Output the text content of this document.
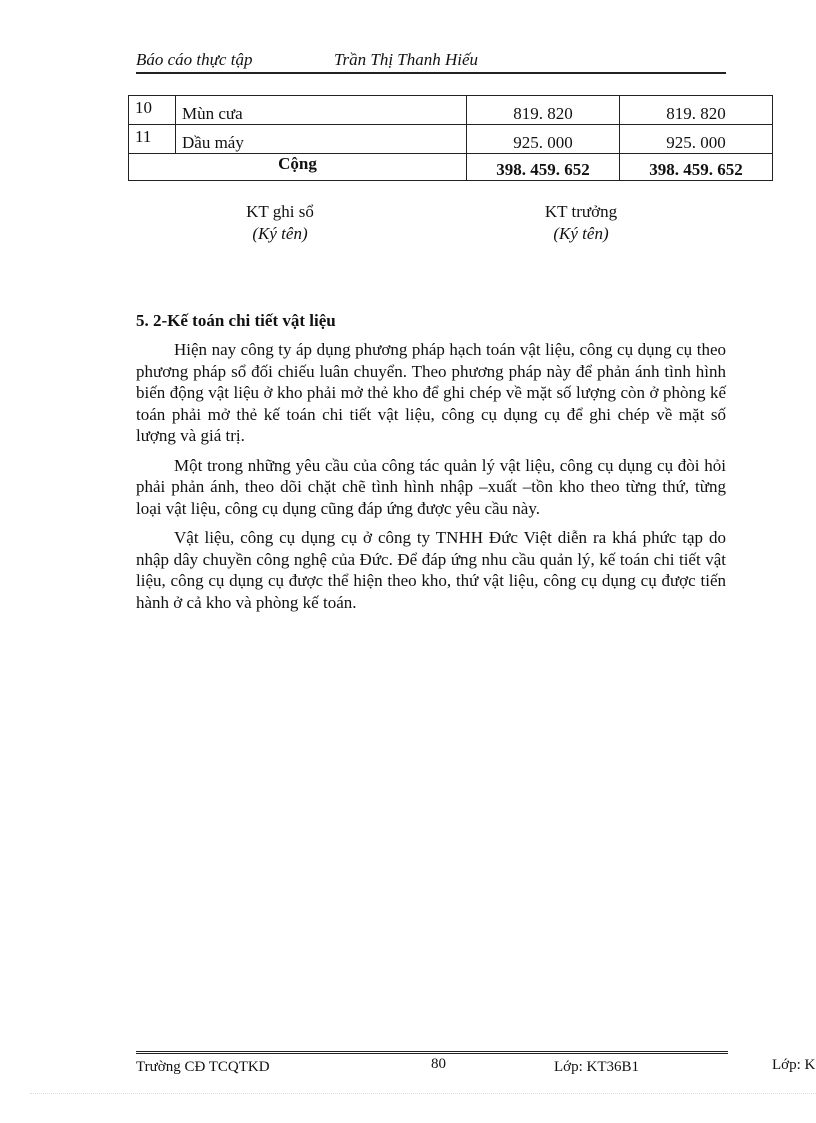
Báo cáo thực tập	Trần Thị Thanh Hiếu
10	Mùn cưa	819. 820	819. 820
11	Dầu máy	925. 000	925. 000
Cộng		398. 459. 652	398. 459. 652
KT ghi sổ
(Ký tên)
KT trưởng
(Ký tên)
5. 2-Kế toán chi tiết vật liệu

Hiện nay công ty áp dụng phương pháp hạch toán vật liệu, công cụ dụng cụ theo phương pháp sổ đối chiếu luân chuyển. Theo phương pháp này để phản ánh tình hình biến động vật liệu ở kho phải mở thẻ kho để ghi chép về mặt số lượng còn ở phòng kế toán phải mở thẻ kế toán chi tiết vật liệu, công cụ dụng cụ để ghi chép về mặt số lượng và giá trị.

Một trong những yêu cầu của công tác quản lý vật liệu, công cụ dụng cụ đòi hỏi phải phản ánh, theo dõi chặt chẽ tình hình nhập –xuất –tồn kho theo từng thứ, từng loại vật liệu, công cụ dụng cũng đáp ứng được yêu cầu này.

Vật liệu, công cụ dụng cụ ở công ty TNHH Đức Việt diễn ra khá phức tạp do nhập dây chuyền công nghệ của Đức. Để đáp ứng nhu cầu quản lý, kế toán chi tiết vật liệu, công cụ dụng cụ được thể hiện theo kho, thứ vật liệu, công cụ dụng cụ được tiến hành ở cả kho và phòng kế toán.

Trường CĐ TCQTKD	80	Lớp: KT36B1	Lớp: K
